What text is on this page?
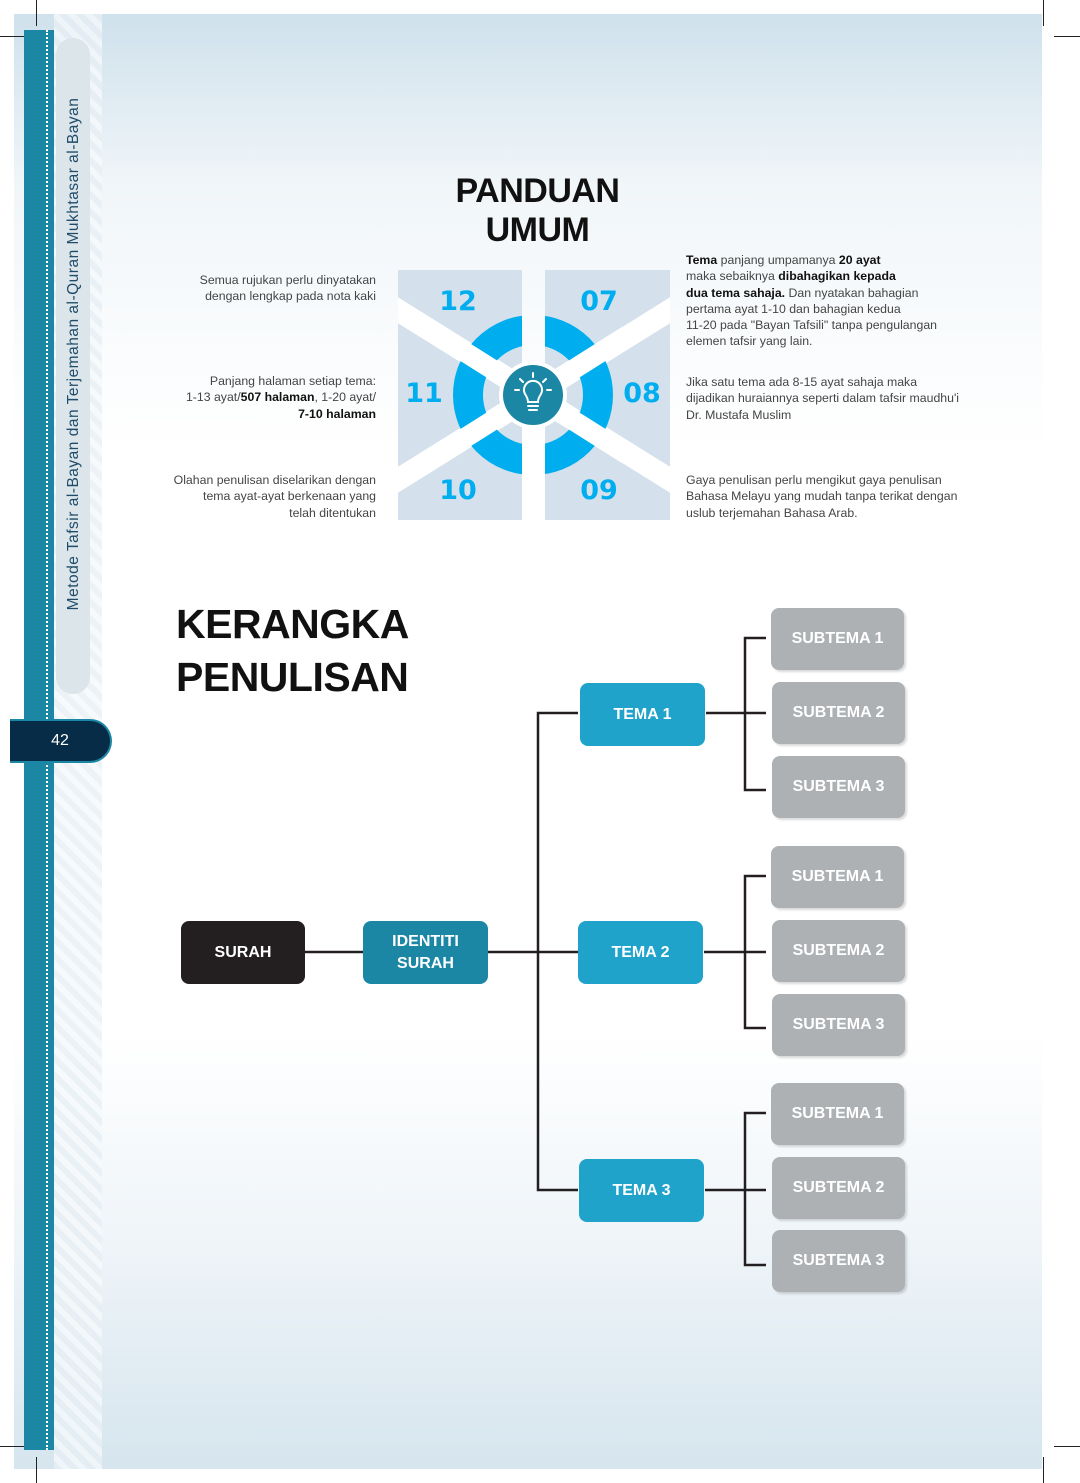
Metode Tafsir al-Bayan dan Terjemahan al-Quran Mukhtasar al-Bayan
42
PANDUAN UMUM
Semua rujukan perlu dinyatakan
dengan lengkap pada nota kaki
Panjang halaman setiap tema:
1-13 ayat/507 halaman, 1-20 ayat/
7-10 halaman
Olahan penulisan diselarikan dengan
tema ayat-ayat berkenaan yang
telah ditentukan
Tema panjang umpamanya 20 ayat
maka sebaiknya dibahagikan kepada
dua tema sahaja. Dan nyatakan bahagian
pertama ayat 1-10 dan bahagian kedua
11-20 pada "Bayan Tafsili" tanpa pengulangan
elemen tafsir yang lain.
Jika satu tema ada 8-15 ayat sahaja maka
dijadikan huraiannya seperti dalam tafsir maudhu'i
Dr. Mustafa Muslim
Gaya penulisan perlu mengikut gaya penulisan
Bahasa Melayu yang mudah tanpa terikat dengan
uslub terjemahan Bahasa Arab.
12	07
11	08
10	09
KERANGKA
PENULISAN
SURAH
IDENTITI
SURAH
TEMA 1
TEMA 2
TEMA 3
SUBTEMA 1
SUBTEMA 2
SUBTEMA 3
SUBTEMA 1
SUBTEMA 2
SUBTEMA 3
SUBTEMA 1
SUBTEMA 2
SUBTEMA 3
